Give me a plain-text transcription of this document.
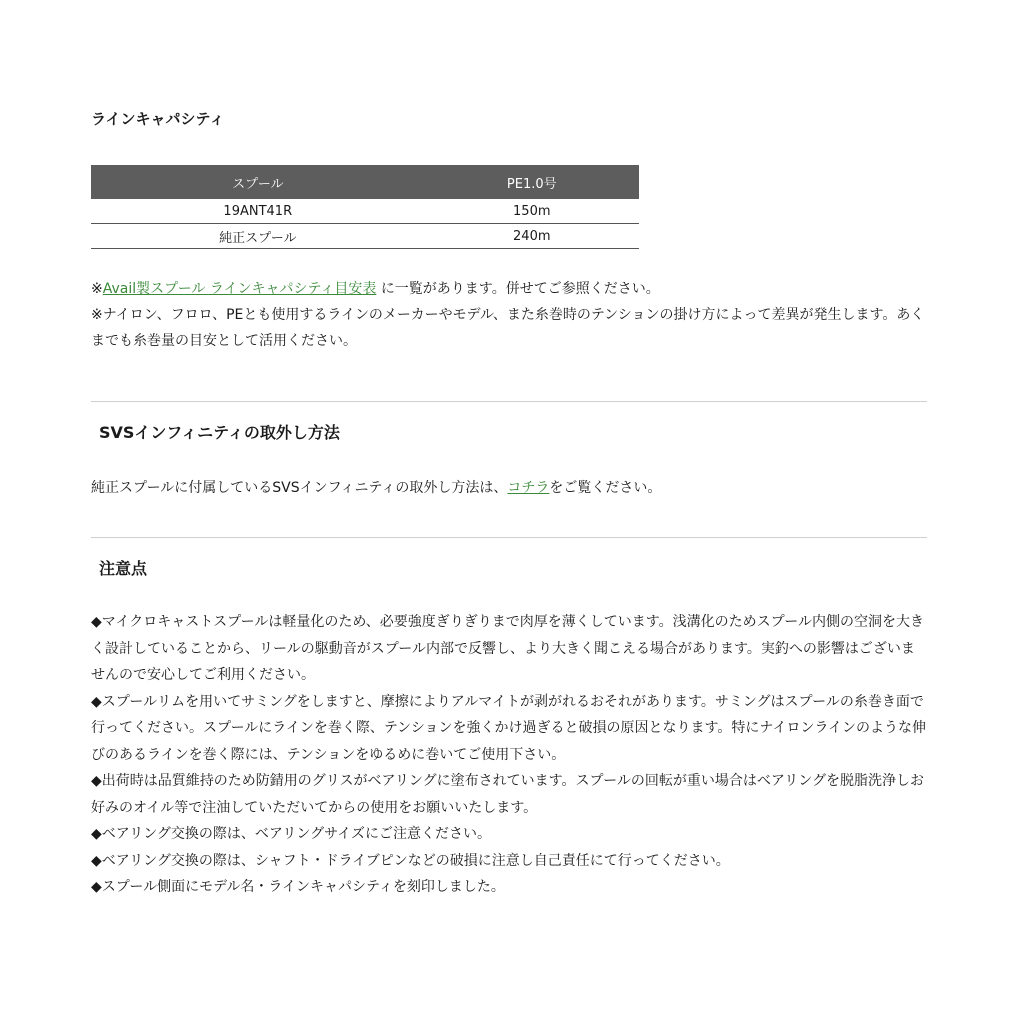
ラインキャパシティ
スプール	PE1.0号
19ANT41R	150m
純正スプール	240m

※Avail製スプール ラインキャパシティ目安表 に一覧があります。併せてご参照ください。

※ナイロン、フロロ、PEとも使用するラインのメーカーやモデル、また糸巻時のテンションの掛け方によって差異が発生します。あくまでも糸巻量の目安として活用ください。

SVSインフィニティの取外し方法

純正スプールに付属しているSVSインフィニティの取外し方法は、コチラをご覧ください。

注意点
◆マイクロキャストスプールは軽量化のため、必要強度ぎりぎりまで肉厚を薄くしています。浅溝化のためスプール内側の空洞を大きく設計していることから、リールの駆動音がスプール内部で反響し、より大きく聞こえる場合があります。実釣への影響はございませんので安心してご利用ください。
◆スプールリムを用いてサミングをしますと、摩擦によりアルマイトが剥がれるおそれがあります。サミングはスプールの糸巻き面で行ってください。スプールにラインを巻く際、テンションを強くかけ過ぎると破損の原因となります。特にナイロンラインのような伸びのあるラインを巻く際には、テンションをゆるめに巻いてご使用下さい。
◆出荷時は品質維持のため防錆用のグリスがベアリングに塗布されています。スプールの回転が重い場合はベアリングを脱脂洗浄しお好みのオイル等で注油していただいてからの使用をお願いいたします。
◆ベアリング交換の際は、ベアリングサイズにご注意ください。
◆ベアリング交換の際は、シャフト・ドライブピンなどの破損に注意し自己責任にて行ってください。
◆スプール側面にモデル名・ラインキャパシティを刻印しました。
